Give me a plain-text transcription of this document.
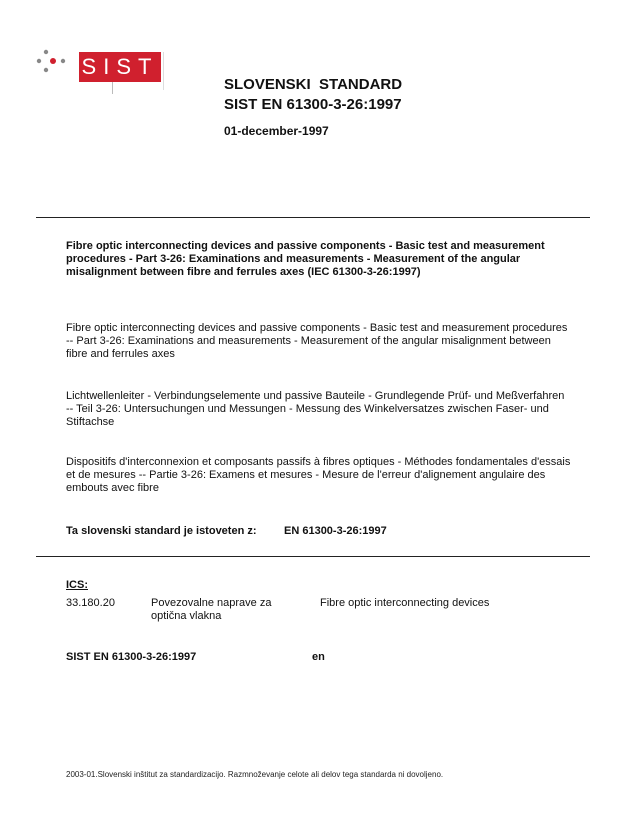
SIST
SLOVENSKI  STANDARD
SIST EN 61300-3-26:1997
01-december-1997
Fibre optic interconnecting devices and passive components - Basic test and measurement procedures - Part 3-26: Examinations and measurements - Measurement of the angular misalignment between fibre and ferrules axes (IEC 61300-3-26:1997)
Fibre optic interconnecting devices and passive components - Basic test and measurement procedures -- Part 3-26: Examinations and measurements - Measurement of the angular misalignment between fibre and ferrules axes
Lichtwellenleiter - Verbindungselemente und passive Bauteile - Grundlegende Prüf- und Meßverfahren -- Teil 3-26: Untersuchungen und Messungen - Messung des Winkelversatzes zwischen Faser- und Stiftachse
Dispositifs d'interconnexion et composants passifs à fibres optiques - Méthodes fondamentales d'essais et de mesures -- Partie 3-26: Examens et mesures - Mesure de l'erreur d'alignement angulaire des embouts avec fibre
Ta slovenski standard je istoveten z: EN 61300-3-26:1997
ICS:
33.180.20	Povezovalne naprave za optična vlakna
Fibre optic interconnecting devices
SIST EN 61300-3-26:1997	en
2003-01.Slovenski inštitut za standardizacijo. Razmnoževanje celote ali delov tega standarda ni dovoljeno.
